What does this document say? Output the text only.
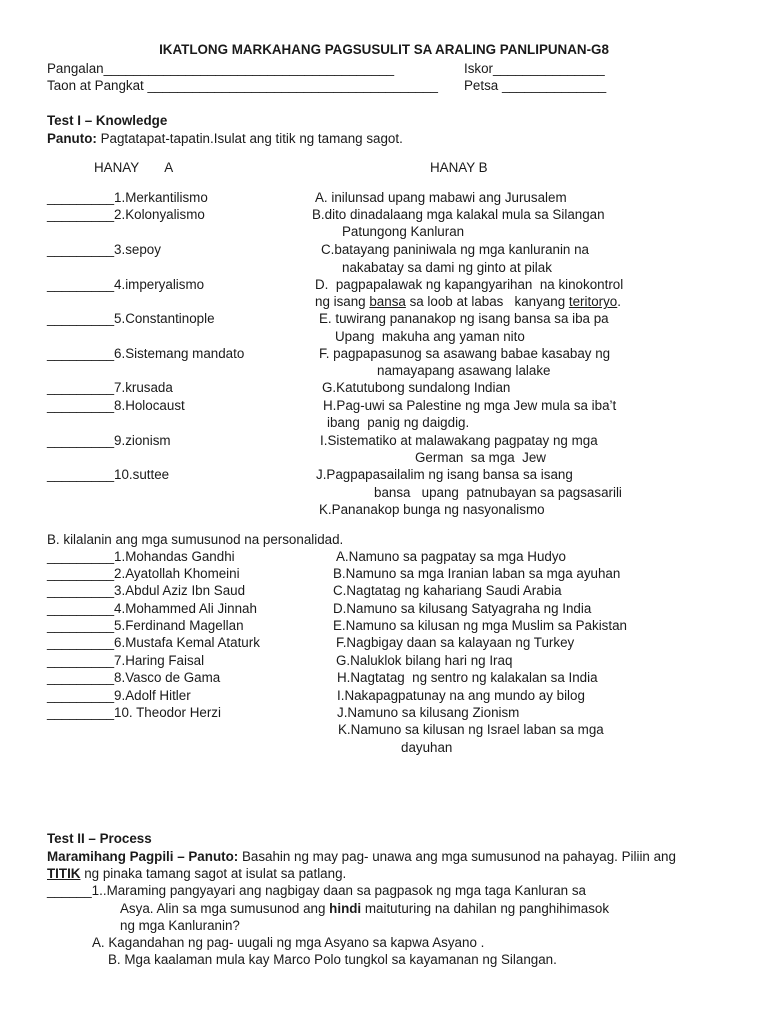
IKATLONG MARKAHANG PAGSUSULIT SA ARALING PANLIPUNAN-G8
Pangalan_______________________________________	Iskor_______________
Taon at Pangkat _______________________________________ Petsa ______________
Test I – Knowledge
Panuto: Pagtatapat-tapatin.Isulat ang titik ng tamang sagot.
HANAY       A	HANAY B
_________1.Merkantilismo
_________2.Kolonyalismo
_________3.sepoy
_________4.imperyalismo
_________5.Constantinople
_________6.Sistemang mandato
_________7.krusada
_________8.Holocaust
_________9.zionism
_________10.suttee
A. inilunsad upang mabawi ang Jurusalem
B.dito dinadalaang mga kalakal mula sa Silangan
Patungong Kanluran
C.batayang paniniwala ng mga kanluranin na
nakabatay sa dami ng ginto at pilak
D.  pagpapalawak ng kapangyarihan  na kinokontrol
ng isang bansa sa loob at labas   kanyang teritoryo.
E. tuwirang pananakop ng isang bansa sa iba pa
Upang  makuha ang yaman nito
F. pagpapasunog sa asawang babae kasabay ng
namayapang asawang lalake
G.Katutubong sundalong Indian
H.Pag-uwi sa Palestine ng mga Jew mula sa iba’t
ibang  panig ng daigdig.
I.Sistematiko at malawakang pagpatay ng mga
German  sa mga  Jew
J.Pagpapasailalim ng isang bansa sa isang
bansa   upang  patnubayan sa pagsasarili
K.Pananakop bunga ng nasyonalismo
B. kilalanin ang mga sumusunod na personalidad.
_________1.Mohandas Gandhi
_________2.Ayatollah Khomeini
_________3.Abdul Aziz Ibn Saud
_________4.Mohammed Ali Jinnah
_________5.Ferdinand Magellan
_________6.Mustafa Kemal Ataturk
_________7.Haring Faisal
_________8.Vasco de Gama
_________9.Adolf Hitler
_________10. Theodor Herzi
A.Namuno sa pagpatay sa mga Hudyo
B.Namuno sa mga Iranian laban sa mga ayuhan
C.Nagtatag ng kahariang Saudi Arabia
D.Namuno sa kilusang Satyagraha ng India
E.Namuno sa kilusan ng mga Muslim sa Pakistan
F.Nagbigay daan sa kalayaan ng Turkey
G.Naluklok bilang hari ng Iraq
H.Nagtatag  ng sentro ng kalakalan sa India
I.Nakapagpatunay na ang mundo ay bilog
J.Namuno sa kilusang Zionism
K.Namuno sa kilusan ng Israel laban sa mga
dayuhan
Test II – Process
Maramihang Pagpili – Panuto: Basahin ng may pag- unawa ang mga sumusunod na pahayag. Piliin ang
TITIK ng pinaka tamang sagot at isulat sa patlang.
______1..Maraming pangyayari ang nagbigay daan sa pagpasok ng mga taga Kanluran sa
Asya. Alin sa mga sumusunod ang hindi maituturing na dahilan ng panghihimasok
ng mga Kanluranin?
A. Kagandahan ng pag- uugali ng mga Asyano sa kapwa Asyano .
B. Mga kaalaman mula kay Marco Polo tungkol sa kayamanan ng Silangan.
